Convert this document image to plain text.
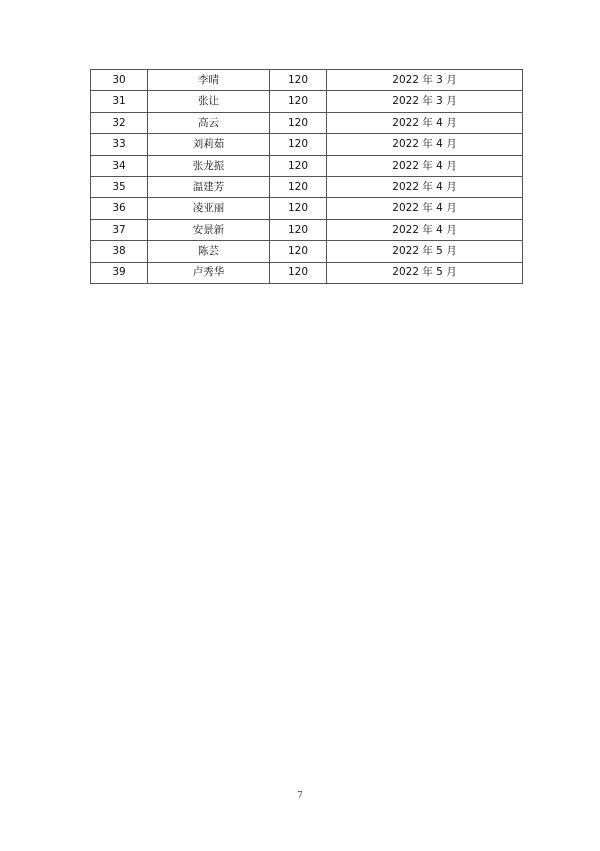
30	李晴	120	2022 年 3 月
31	张让	120	2022 年 3 月
32	高云	120	2022 年 4 月
33	刘莉茹	120	2022 年 4 月
34	张龙振	120	2022 年 4 月
35	温建芳	120	2022 年 4 月
36	凌亚丽	120	2022 年 4 月
37	安景新	120	2022 年 4 月
38	陈芸	120	2022 年 5 月
39	卢秀华	120	2022 年 5 月
7
